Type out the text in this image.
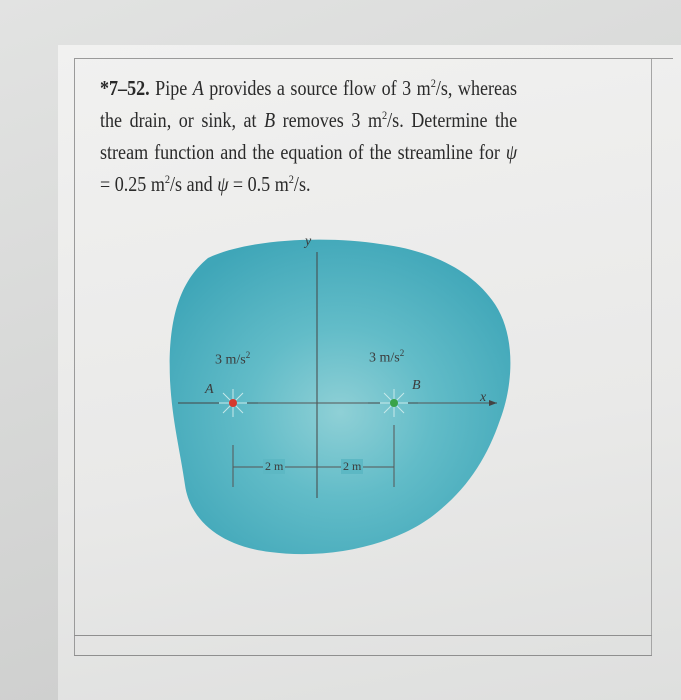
*7–52. Pipe A provides a source flow of 3 $m^2/s$, whereas the drain, or sink, at B removes 3 $m^2/s$. Determine the stream function and the equation of the streamline for ψ = 0.25 $m^2/s$ and ψ = 0.5 $m^2/s$.
y
x
A	B
3 $m/s^2$	3 $m/s^2$
2 m	2 m
